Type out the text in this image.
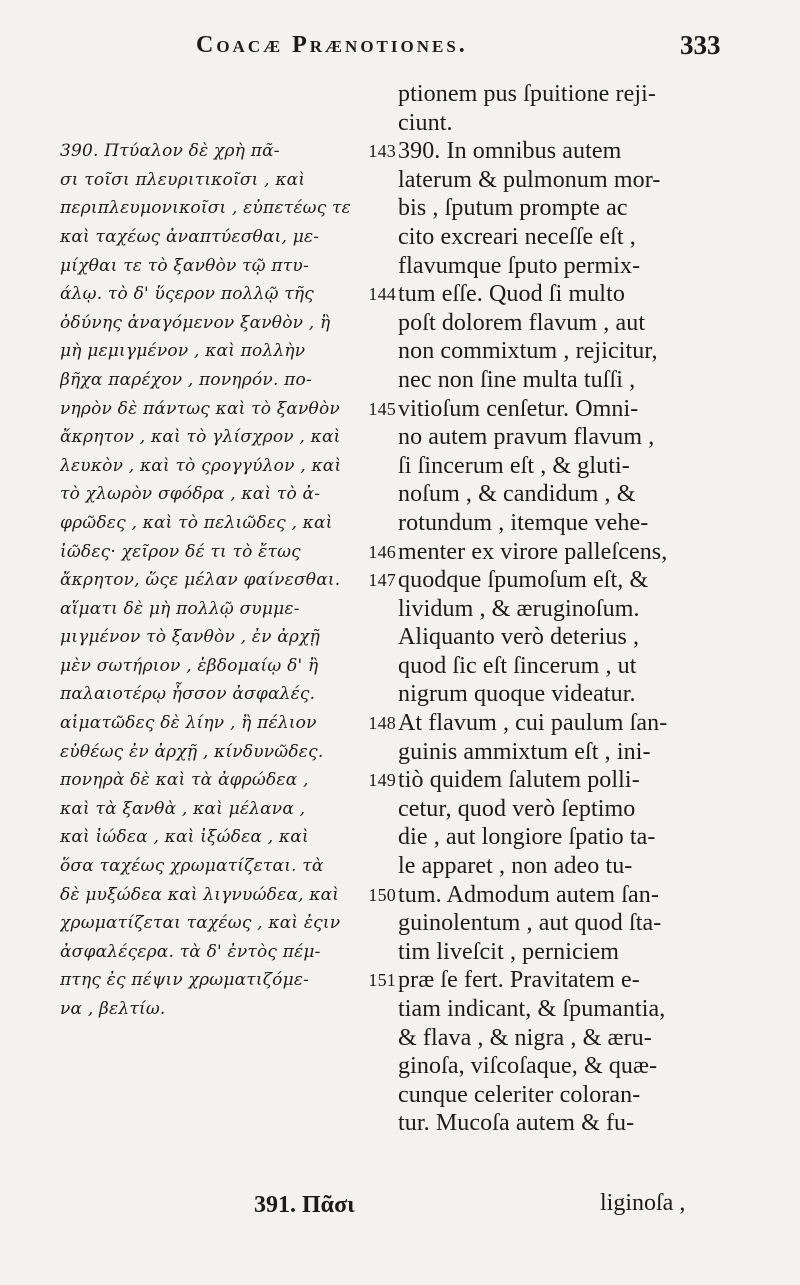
Coacæ Prænotiones.	333
390. Πτύαλον δὲ χρὴ πᾶ-	143
σι τοῖσι πλευριτικοῖσι , καὶ
περιπλευμονικοῖσι , εὐπετέως τε
καὶ ταχέως ἀναπτύεσθαι, με-
μίχθαι τε τὸ ξανθὸν τῷ πτυ-
άλῳ. τὸ δ' ὕςερον πολλῷ τῆς	144
ὀδύνης ἀναγόμενον ξανθὸν , ἢ
μὴ μεμιγμένον , καὶ πολλὴν
βῆχα παρέχον , πονηρόν. πο-
νηρὸν δὲ πάντως καὶ τὸ ξανθὸν 145
ἄκρητον , καὶ τὸ γλίσχρον , καὶ
λευκὸν , καὶ τὸ ςρογγύλον , καὶ
τὸ χλωρὸν σφόδρα , καὶ τὸ ἀ-
φρῶδες , καὶ τὸ πελιῶδες , καὶ
ἰῶδες· χεῖρον δέ τι τὸ ἔτως	146
ἄκρητον, ὥςε μέλαν φαίνεσθαι. 147
αἵματι δὲ μὴ πολλῷ συμμε-
μιγμένον τὸ ξανθὸν , ἐν ἀρχῇ
μὲν σωτήριον , ἑβδομαίῳ δ' ἢ
παλαιοτέρῳ ἧσσον ἀσφαλές.
αἱματῶδες δὲ λίην , ἢ πέλιον	148
εὐθέως ἐν ἀρχῇ , κίνδυνῶδες.
πονηρὰ δὲ καὶ τὰ ἀφρώδεα ,	149
καὶ τὰ ξανθὰ , καὶ μέλανα ,
καὶ ἰώδεα , καὶ ἰξώδεα , καὶ
ὅσα ταχέως χρωματίζεται. τὰ
δὲ μυξώδεα καὶ λιγνυώδεα, καὶ 150
χρωματίζεται ταχέως , καὶ ἐςιν
ἀσφαλέςερα. τὰ δ' ἐντὸς πέμ-
πτης ἐς πέψιν χρωματιζόμε-	151
να , βελτίω.
ptionem pus ſpuitione reji-
ciunt.
390. In omnibus autem
laterum & pulmonum mor-
bis , ſputum prompte ac
cito excreari neceſſe eſt ,
flavumque ſputo permix-
tum eſſe. Quod ſi multo
poſt dolorem flavum , aut
non commixtum , rejicitur,
nec non ſine multa tuſſi ,
vitioſum cenſetur. Omni-
no autem pravum flavum ,
ſi ſincerum eſt , & gluti-
noſum , & candidum , &
rotundum , itemque vehe-
menter ex virore palleſcens,
quodque ſpumoſum eſt, &
lividum , & æruginoſum.
Aliquanto verò deterius ,
quod ſic eſt ſincerum , ut
nigrum quoque videatur.
At flavum , cui paulum ſan-
guinis ammixtum eſt , ini-
tiò quidem ſalutem polli-
cetur, quod verò ſeptimo
die , aut longiore ſpatio ta-
le apparet , non adeo tu-
tum. Admodum autem ſan-
guinolentum , aut quod ſta-
tim liveſcit , perniciem
præ ſe fert. Pravitatem e-
tiam indicant, & ſpumantia,
& flava , & nigra , & æru-
ginoſa, viſcoſaque, & quæ-
cunque celeriter coloran-
tur. Mucoſa autem & fu-
391. Πᾶσι	liginoſa ,
